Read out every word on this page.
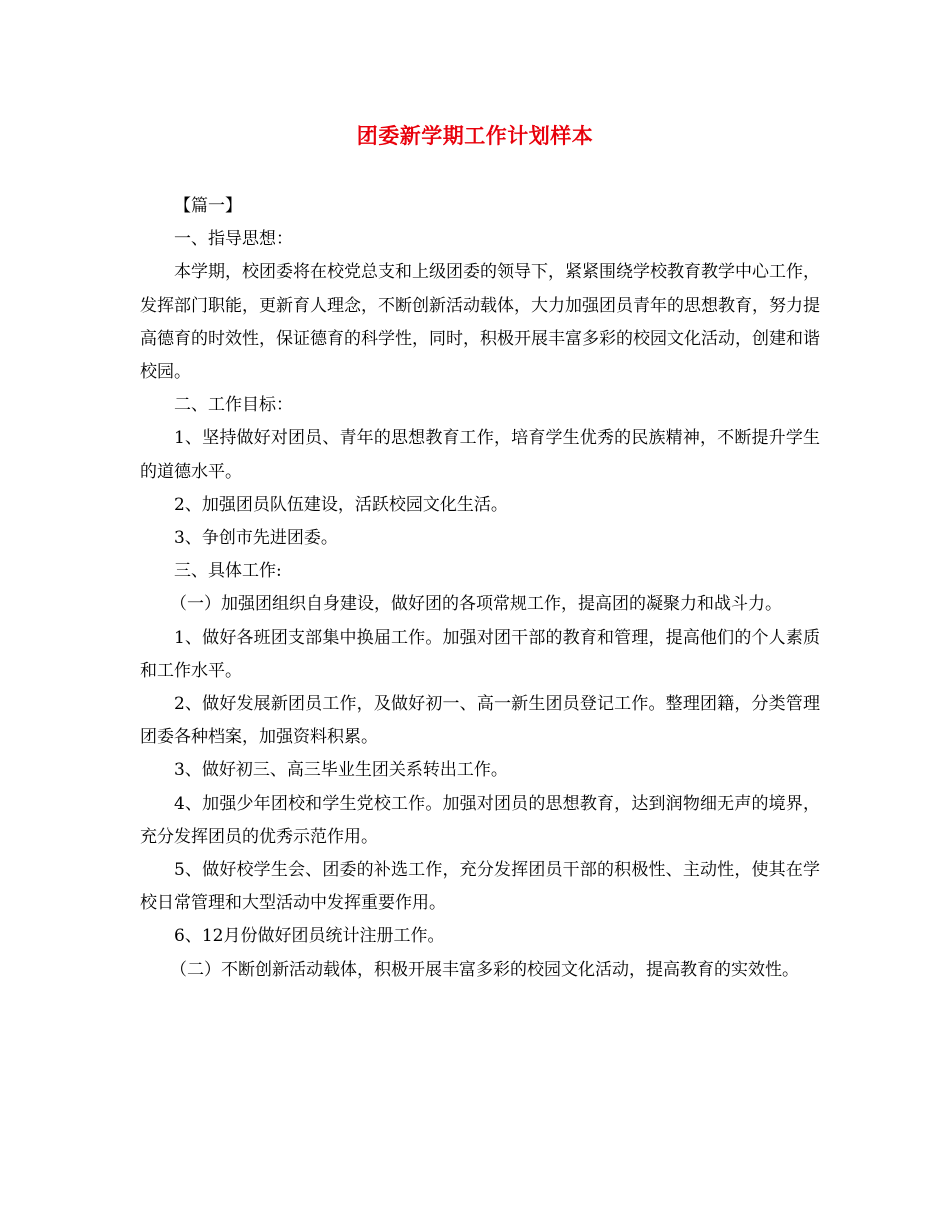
团委新学期工作计划样本

【篇一】

一、指导思想：

本学期，校团委将在校党总支和上级团委的领导下，紧紧围绕学校教育教学中心工作，发挥部门职能，更新育人理念，不断创新活动载体，大力加强团员青年的思想教育，努力提高德育的时效性，保证德育的科学性，同时，积极开展丰富多彩的校园文化活动，创建和谐校园。

二、工作目标：

1、坚持做好对团员、青年的思想教育工作，培育学生优秀的民族精神，不断提升学生的道德水平。

2、加强团员队伍建设，活跃校园文化生活。

3、争创市先进团委。

三、具体工作:

（一）加强团组织自身建设，做好团的各项常规工作，提高团的凝聚力和战斗力。

1、做好各班团支部集中换届工作。加强对团干部的教育和管理，提高他们的个人素质和工作水平。

2、做好发展新团员工作，及做好初一、高一新生团员登记工作。整理团籍，分类管理团委各种档案，加强资料积累。

3、做好初三、高三毕业生团关系转出工作。

4、加强少年团校和学生党校工作。加强对团员的思想教育，达到润物细无声的境界，充分发挥团员的优秀示范作用。

5、做好校学生会、团委的补选工作，充分发挥团员干部的积极性、主动性，使其在学校日常管理和大型活动中发挥重要作用。

6、12月份做好团员统计注册工作。

（二）不断创新活动载体，积极开展丰富多彩的校园文化活动，提高教育的实效性。
